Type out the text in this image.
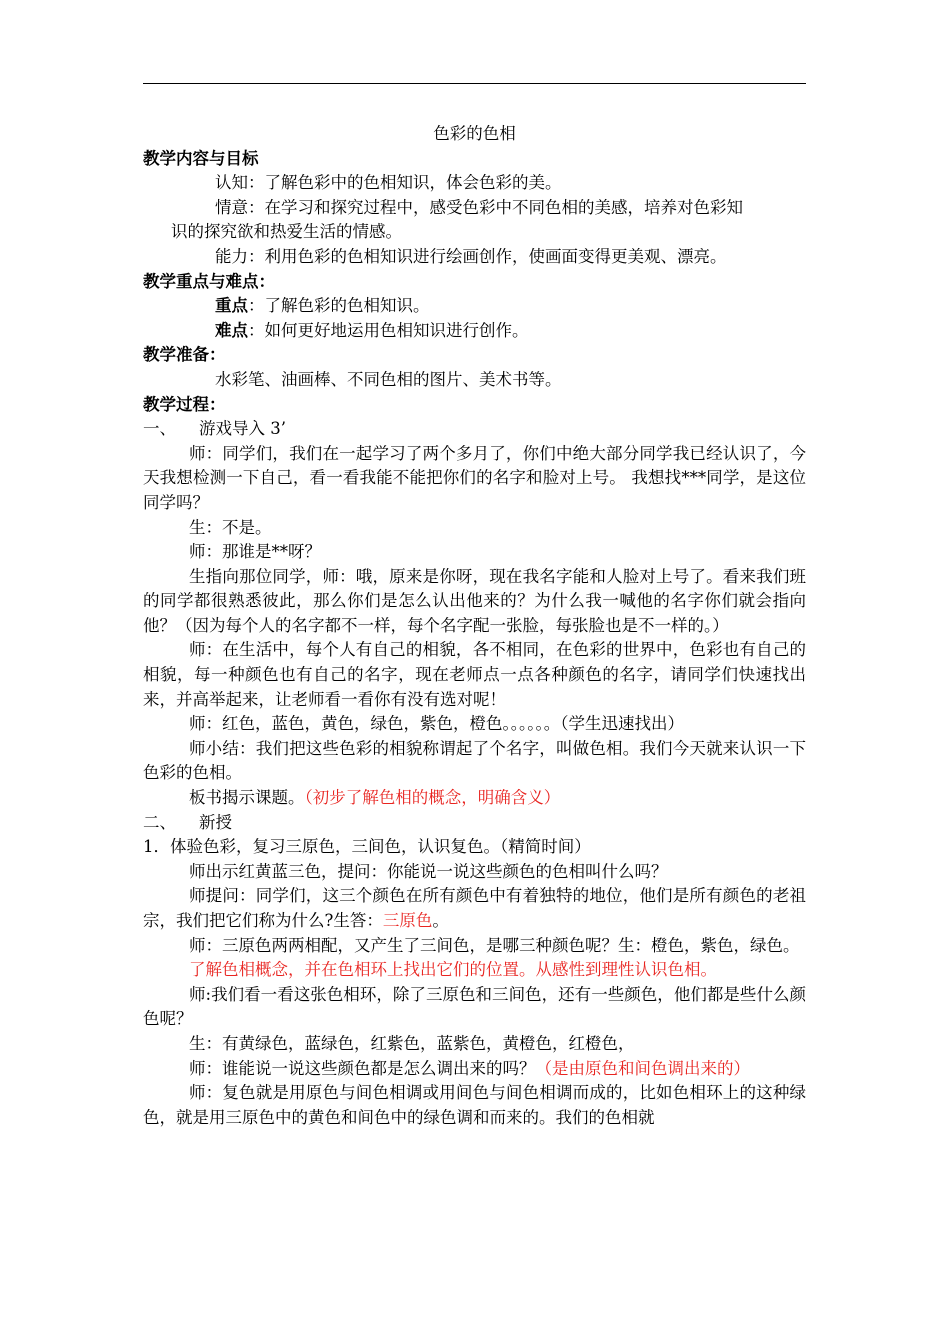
色彩的色相

教学内容与目标

认知：了解色彩中的色相知识，体会色彩的美。

情意：在学习和探究过程中，感受色彩中不同色相的美感，培养对色彩知

识的探究欲和热爱生活的情感。

能力：利用色彩的色相知识进行绘画创作，使画面变得更美观、漂亮。

教学重点与难点：

重点：了解色彩的色相知识。

难点：如何更好地运用色相知识进行创作。

教学准备：

水彩笔、油画棒、不同色相的图片、美术书等。

教学过程：

一、 游戏导入 3’

师：同学们，我们在一起学习了两个多月了，你们中绝大部分同学我已经认识了，今天我想检测一下自己，看一看我能不能把你们的名字和脸对上号。 我想找***同学，是这位同学吗？

生：不是。

师：那谁是**呀？

生指向那位同学，师：哦，原来是你呀，现在我名字能和人脸对上号了。看来我们班的同学都很熟悉彼此，那么你们是怎么认出他来的？为什么我一喊他的名字你们就会指向他？（因为每个人的名字都不一样，每个名字配一张脸，每张脸也是不一样的。）

师：在生活中，每个人有自己的相貌，各不相同，在色彩的世界中，色彩也有自己的相貌，每一种颜色也有自己的名字，现在老师点一点各种颜色的名字，请同学们快速找出来，并高举起来，让老师看一看你有没有选对呢！

师：红色，蓝色，黄色，绿色，紫色，橙色。。。。。。（学生迅速找出）

师小结：我们把这些色彩的相貌称谓起了个名字，叫做色相。我们今天就来认识一下色彩的色相。

板书揭示课题。（初步了解色相的概念，明确含义）

二、 新授

1．体验色彩，复习三原色，三间色，认识复色。（精简时间）

师出示红黄蓝三色，提问：你能说一说这些颜色的色相叫什么吗？

师提问：同学们，这三个颜色在所有颜色中有着独特的地位，他们是所有颜色的老祖宗，我们把它们称为什么?生答：三原色。

师：三原色两两相配，又产生了三间色，是哪三种颜色呢？生：橙色，紫色，绿色。

了解色相概念，并在色相环上找出它们的位置。从感性到理性认识色相。

师:我们看一看这张色相环，除了三原色和三间色，还有一些颜色，他们都是些什么颜色呢？

生：有黄绿色，蓝绿色，红紫色，蓝紫色，黄橙色，红橙色，

师：谁能说一说这些颜色都是怎么调出来的吗？（是由原色和间色调出来的）

师：复色就是用原色与间色相调或用间色与间色相调而成的，比如色相环上的这种绿色，就是用三原色中的黄色和间色中的绿色调和而来的。我们的色相就
